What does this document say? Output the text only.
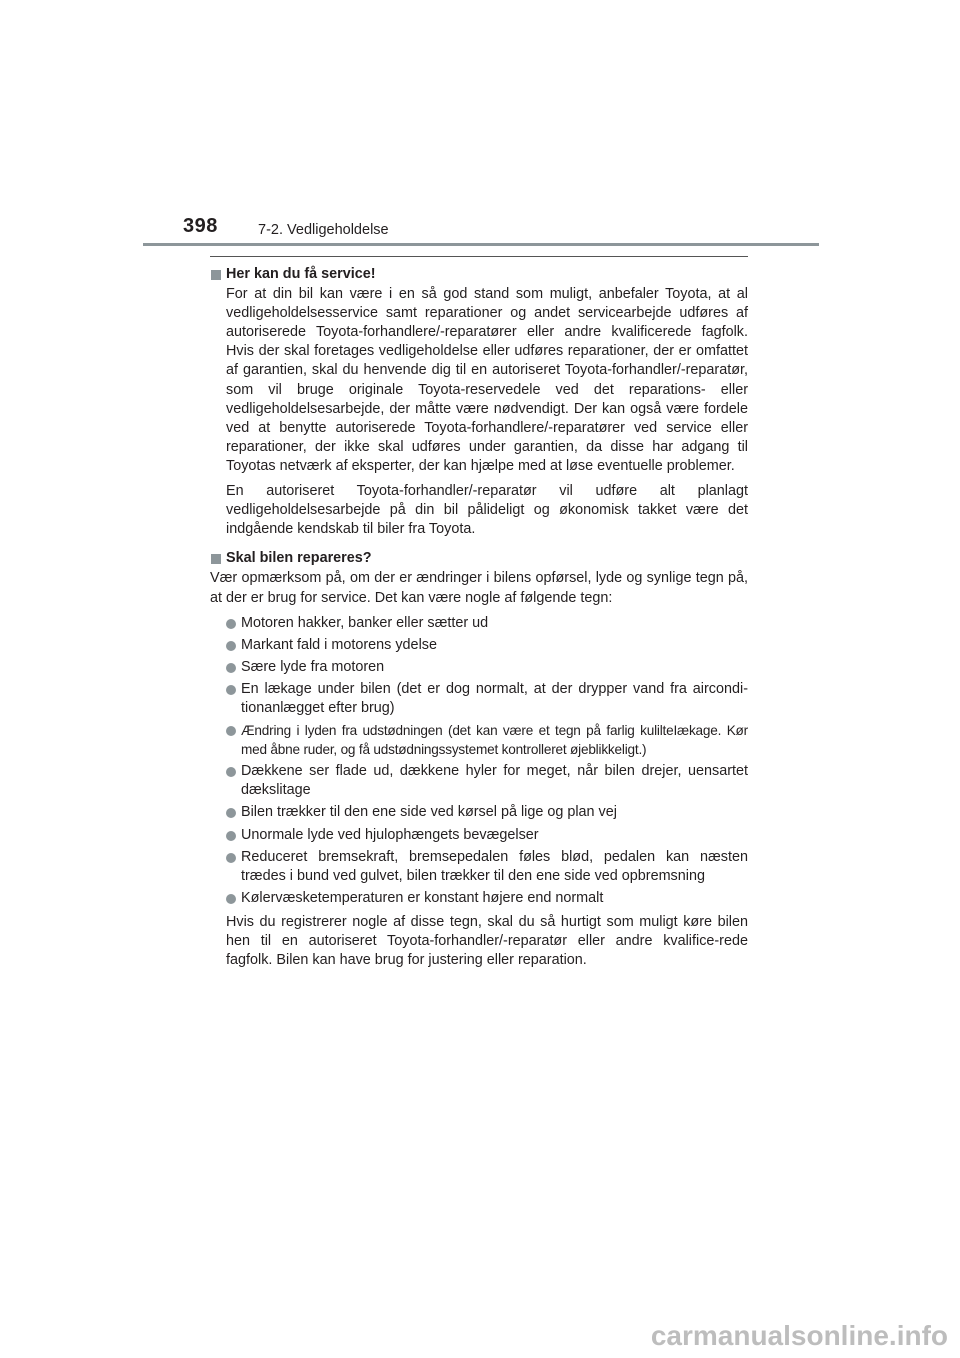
398	7-2. Vedligeholdelse
Her kan du få service!

For at din bil kan være i en så god stand som muligt, anbefaler Toyota, at al vedligeholdelsesservice samt reparationer og andet servicearbejde udføres af autoriserede Toyota-forhandlere/-reparatører eller andre kvalificerede fagfolk. Hvis der skal foretages vedligeholdelse eller udføres reparationer, der er omfattet af garantien, skal du henvende dig til en autoriseret Toyota-forhandler/-reparatør, som vil bruge originale Toyota-reservedele ved det reparations- eller vedligeholdelsesarbejde, der måtte være nødvendigt. Der kan også være fordele ved at benytte autoriserede Toyota-forhandlere/-reparatører ved service eller reparationer, der ikke skal udføres under garantien, da disse har adgang til Toyotas netværk af eksperter, der kan hjælpe med at løse eventuelle problemer.

En autoriseret Toyota-forhandler/-reparatør vil udføre alt planlagt vedligeholdelsesarbejde på din bil pålideligt og økonomisk takket være det indgående kendskab til biler fra Toyota.

Skal bilen repareres?

Vær opmærksom på, om der er ændringer i bilens opførsel, lyde og synlige tegn på, at der er brug for service. Det kan være nogle af følgende tegn:

Motoren hakker, banker eller sætter ud
Markant fald i motorens ydelse
Sære lyde fra motoren
En lækage under bilen (det er dog normalt, at der drypper vand fra aircondi-tionanlægget efter brug)
Ændring i lyden fra udstødningen (det kan være et tegn på farlig kulilteIækage. Kør med åbne ruder, og få udstødningssystemet kontrolleret øjeblikkeligt.)
Dækkene ser flade ud, dækkene hyler for meget, når bilen drejer, uensartet dækslitage
Bilen trækker til den ene side ved kørsel på lige og plan vej
Unormale lyde ved hjulophængets bevægelser
Reduceret bremsekraft, bremsepedalen føles blød, pedalen kan næsten trædes i bund ved gulvet, bilen trækker til den ene side ved opbremsning
Kølervæsketemperaturen er konstant højere end normalt

Hvis du registrerer nogle af disse tegn, skal du så hurtigt som muligt køre bilen hen til en autoriseret Toyota-forhandler/-reparatør eller andre kvalifice-rede fagfolk. Bilen kan have brug for justering eller reparation.

carmanualsonline.info
